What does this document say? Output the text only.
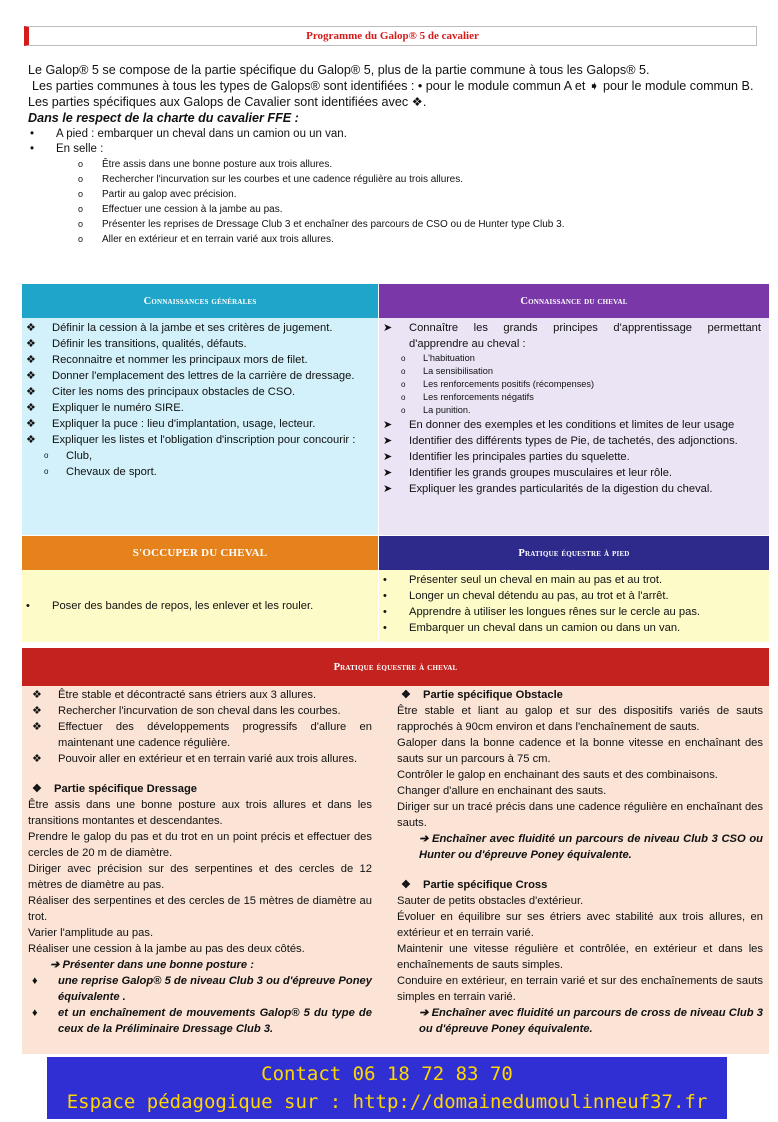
Programme du Galop® 5 de cavalier

Le Galop® 5 se compose de la partie spécifique du Galop® 5, plus de la partie commune à tous les Galops® 5.

Les parties communes à tous les types de Galops® sont identifiées : • pour le module commun A et ➧ pour le module commun B.

Les parties spécifiques aux Galops de Cavalier sont identifiées avec ❖.

Dans le respect de la charte du cavalier FFE :

• A pied : embarquer un cheval dans un camion ou un van.
• En selle :
o Être assis dans une bonne posture aux trois allures.
o Rechercher l'incurvation sur les courbes et une cadence régulière au trois allures.
o Partir au galop avec précision.
o Effectuer une cession à la jambe au pas.
o Présenter les reprises de Dressage Club 3 et enchaîner des parcours de CSO ou de Hunter type Club 3.
o Aller en extérieur et en terrain varié aux trois allures.
Connaissances générales
❖ Définir la cession à la jambe et ses critères de jugement.
❖ Définir les transitions, qualités, défauts.
❖ Reconnaitre et nommer les principaux mors de filet.
❖ Donner l'emplacement des lettres de la carrière de dressage.
❖ Citer les noms des principaux obstacles de CSO.
❖ Expliquer le numéro SIRE.
❖ Expliquer la puce : lieu d'implantation, usage, lecteur.
❖ Expliquer les listes et l'obligation d'inscription pour concourir :
o Club,
o Chevaux de sport.
Connaissance du cheval
➤ Connaître les grands principes d'apprentissage permettant d'apprendre au cheval :
o L'habituation
o La sensibilisation
o Les renforcements positifs (récompenses)
o Les renforcements négatifs
o La punition.
➤ En donner des exemples et les conditions et limites de leur usage
➤ Identifier des différents types de Pie, de tachetés, des adjonctions.
➤ Identifier les principales parties du squelette.
➤ Identifier les grands groupes musculaires et leur rôle.
➤ Expliquer les grandes particularités de la digestion du cheval.
S'OCCUPER DU CHEVAL
• Poser des bandes de repos, les enlever et les rouler.
Pratique équestre à pied
• Présenter seul un cheval en main au pas et au trot.
• Longer un cheval détendu au pas, au trot et à l'arrêt.
• Apprendre à utiliser les longues rênes sur le cercle au pas.
• Embarquer un cheval dans un camion ou dans un van.
Pratique équestre à cheval
❖ Être stable et décontracté sans étriers aux 3 allures.
❖ Rechercher l'incurvation de son cheval dans les courbes.
❖ Effectuer des développements progressifs d'allure en maintenant une cadence régulière.
❖ Pouvoir aller en extérieur et en terrain varié aux trois allures.
❖ Partie spécifique Dressage

Être assis dans une bonne posture aux trois allures et dans les transitions montantes et descendantes.

Prendre le galop du pas et du trot en un point précis et effectuer des cercles de 20 m de diamètre.

Diriger avec précision sur des serpentines et des cercles de 12 mètres de diamètre au pas.

Réaliser des serpentines et des cercles de 15 mètres de diamètre au trot.

Varier l'amplitude au pas.

Réaliser une cession à la jambe au pas des deux côtés.

➔ Présenter dans une bonne posture :
♦ une reprise Galop® 5 de niveau Club 3 ou d'épreuve Poney équivalente .
♦ et un enchaînement de mouvements Galop® 5 du type de ceux de la Préliminaire Dressage Club 3.
❖ Partie spécifique Obstacle

Être stable et liant au galop et sur des dispositifs variés de sauts rapprochés à 90cm environ et dans l'enchaînement de sauts.

Galoper dans la bonne cadence et la bonne vitesse en enchaînant des sauts sur un parcours à 75 cm.

Contrôler le galop en enchainant des sauts et des combinaisons.

Changer d'allure en enchainant des sauts.

Diriger sur un tracé précis dans une cadence régulière en enchaînant des sauts.

➔ Enchaîner avec fluidité un parcours de niveau Club 3 CSO ou Hunter ou d'épreuve Poney équivalente.
❖ Partie spécifique Cross

Sauter de petits obstacles d'extérieur.

Évoluer en équilibre sur ses étriers avec stabilité aux trois allures, en extérieur et en terrain varié.

Maintenir une vitesse régulière et contrôlée, en extérieur et dans les enchaînements de sauts simples.

Conduire en extérieur, en terrain varié et sur des enchaînements de sauts simples en terrain varié.

➔ Enchaîner avec fluidité un parcours de cross de niveau Club 3 ou d'épreuve Poney équivalente.
Contact 06 18 72 83 70
Espace pédagogique sur : http://domainedumoulinneuf37.fr
